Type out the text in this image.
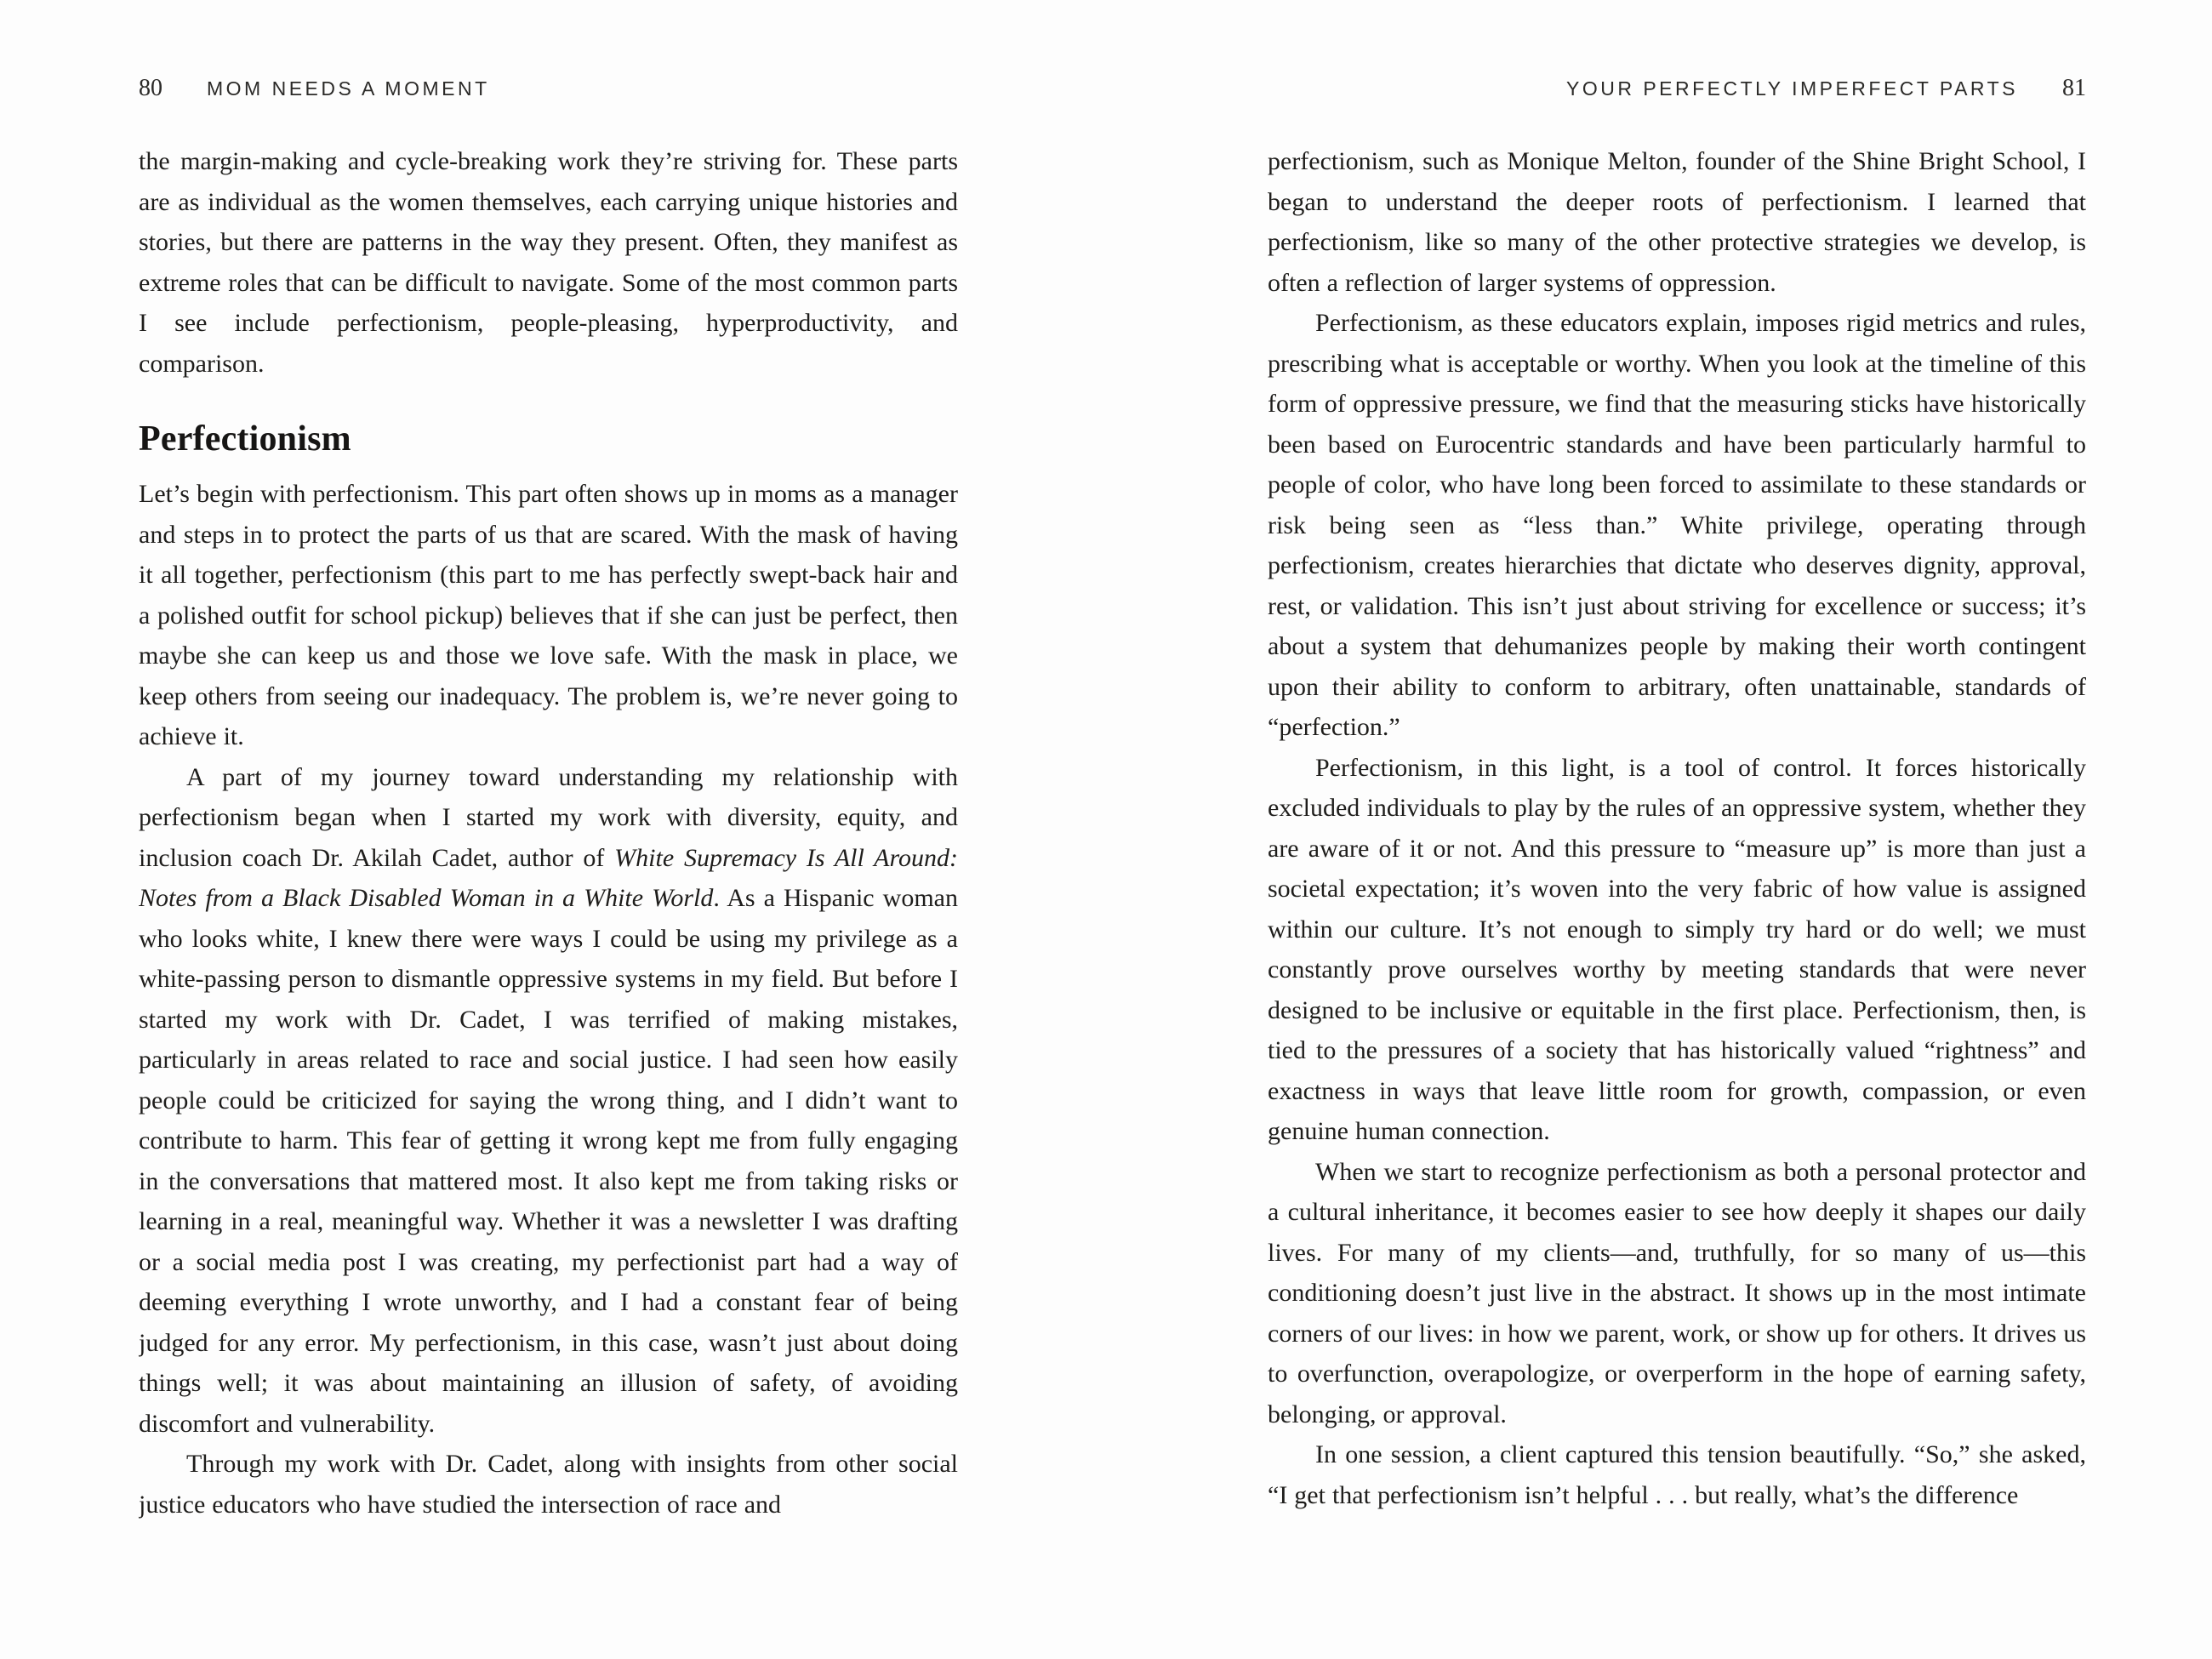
80 MOM NEEDS A MOMENT

the margin-making and cycle-breaking work they’re striving for. These parts are as individual as the women themselves, each carrying unique histories and stories, but there are patterns in the way they present. Often, they manifest as extreme roles that can be difficult to navigate. Some of the most common parts I see include perfectionism, people-pleasing, hyperproductivity, and comparison.

Perfectionism

Let’s begin with perfectionism. This part often shows up in moms as a manager and steps in to protect the parts of us that are scared. With the mask of having it all together, perfectionism (this part to me has perfectly swept-back hair and a polished outfit for school pickup) believes that if she can just be perfect, then maybe she can keep us and those we love safe. With the mask in place, we keep others from seeing our inadequacy. The problem is, we’re never going to achieve it.

A part of my journey toward understanding my relationship with perfectionism began when I started my work with diversity, equity, and inclusion coach Dr. Akilah Cadet, author of White Supremacy Is All Around: Notes from a Black Disabled Woman in a White World. As a Hispanic woman who looks white, I knew there were ways I could be using my privilege as a white-passing person to dismantle oppressive systems in my field. But before I started my work with Dr. Cadet, I was terrified of making mistakes, particularly in areas related to race and social justice. I had seen how easily people could be criticized for saying the wrong thing, and I didn’t want to contribute to harm. This fear of getting it wrong kept me from fully engaging in the conversations that mattered most. It also kept me from taking risks or learning in a real, meaningful way. Whether it was a newsletter I was drafting or a social media post I was creating, my perfectionist part had a way of deeming everything I wrote unworthy, and I had a constant fear of being judged for any error. My perfectionism, in this case, wasn’t just about doing things well; it was about maintaining an illusion of safety, of avoiding discomfort and vulnerability.

Through my work with Dr. Cadet, along with insights from other social justice educators who have studied the intersection of race and

YOUR PERFECTLY IMPERFECT PARTS 81

perfectionism, such as Monique Melton, founder of the Shine Bright School, I began to understand the deeper roots of perfectionism. I learned that perfectionism, like so many of the other protective strategies we develop, is often a reflection of larger systems of oppression.

Perfectionism, as these educators explain, imposes rigid metrics and rules, prescribing what is acceptable or worthy. When you look at the timeline of this form of oppressive pressure, we find that the measuring sticks have historically been based on Eurocentric standards and have been particularly harmful to people of color, who have long been forced to assimilate to these standards or risk being seen as “less than.” White privilege, operating through perfectionism, creates hierarchies that dictate who deserves dignity, approval, rest, or validation. This isn’t just about striving for excellence or success; it’s about a system that dehumanizes people by making their worth contingent upon their ability to conform to arbitrary, often unattainable, standards of “perfection.”

Perfectionism, in this light, is a tool of control. It forces historically excluded individuals to play by the rules of an oppressive system, whether they are aware of it or not. And this pressure to “measure up” is more than just a societal expectation; it’s woven into the very fabric of how value is assigned within our culture. It’s not enough to simply try hard or do well; we must constantly prove ourselves worthy by meeting standards that were never designed to be inclusive or equitable in the first place. Perfectionism, then, is tied to the pressures of a society that has historically valued “rightness” and exactness in ways that leave little room for growth, compassion, or even genuine human connection.

When we start to recognize perfectionism as both a personal protector and a cultural inheritance, it becomes easier to see how deeply it shapes our daily lives. For many of my clients—and, truthfully, for so many of us—this conditioning doesn’t just live in the abstract. It shows up in the most intimate corners of our lives: in how we parent, work, or show up for others. It drives us to overfunction, overapologize, or overperform in the hope of earning safety, belonging, or approval.

In one session, a client captured this tension beautifully. “So,” she asked, “I get that perfectionism isn’t helpful . . . but really, what’s the difference
